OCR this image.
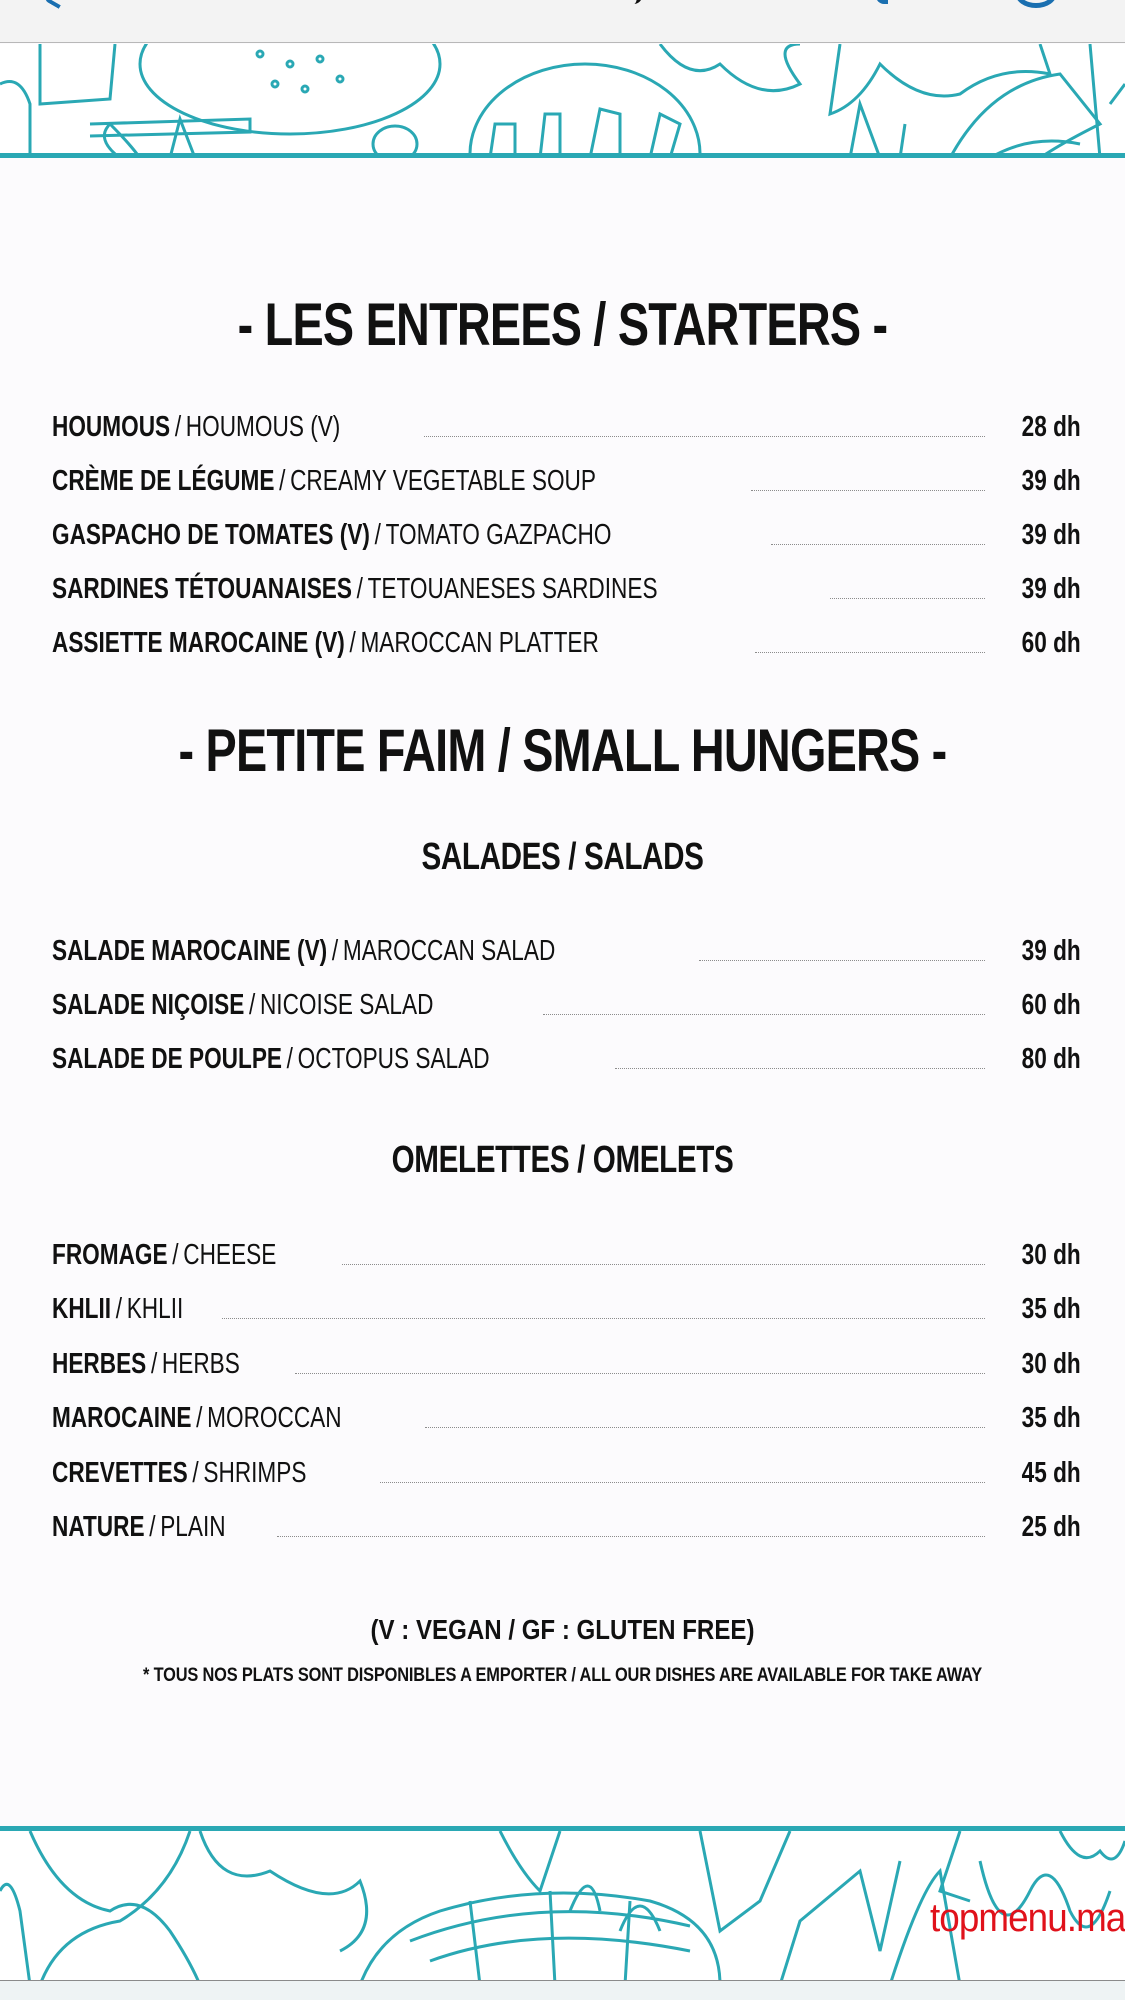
- LES ENTREES / STARTERS -
HOUMOUS / HOUMOUS (V)	28 dh
CRÈME DE LÉGUME / CREAMY VEGETABLE SOUP	39 dh
GASPACHO DE TOMATES (V) / TOMATO GAZPACHO	39 dh
SARDINES TÉTOUANAISES / TETOUANESES SARDINES	39 dh
ASSIETTE MAROCAINE (V) / MAROCCAN PLATTER	60 dh
- PETITE FAIM / SMALL HUNGERS -
SALADES / SALADS
SALADE MAROCAINE (V) / MAROCCAN SALAD	39 dh
SALADE NIÇOISE / NICOISE SALAD	60 dh
SALADE DE POULPE / OCTOPUS SALAD	80 dh
OMELETTES / OMELETS
FROMAGE / CHEESE	30 dh
KHLII / KHLII	35 dh
HERBES / HERBS	30 dh
MAROCAINE / MOROCCAN	35 dh
CREVETTES / SHRIMPS	45 dh
NATURE / PLAIN	25 dh
(V : VEGAN / GF : GLUTEN FREE)
* TOUS NOS PLATS SONT DISPONIBLES A EMPORTER / ALL OUR DISHES ARE AVAILABLE FOR TAKE AWAY
topmenu.ma
